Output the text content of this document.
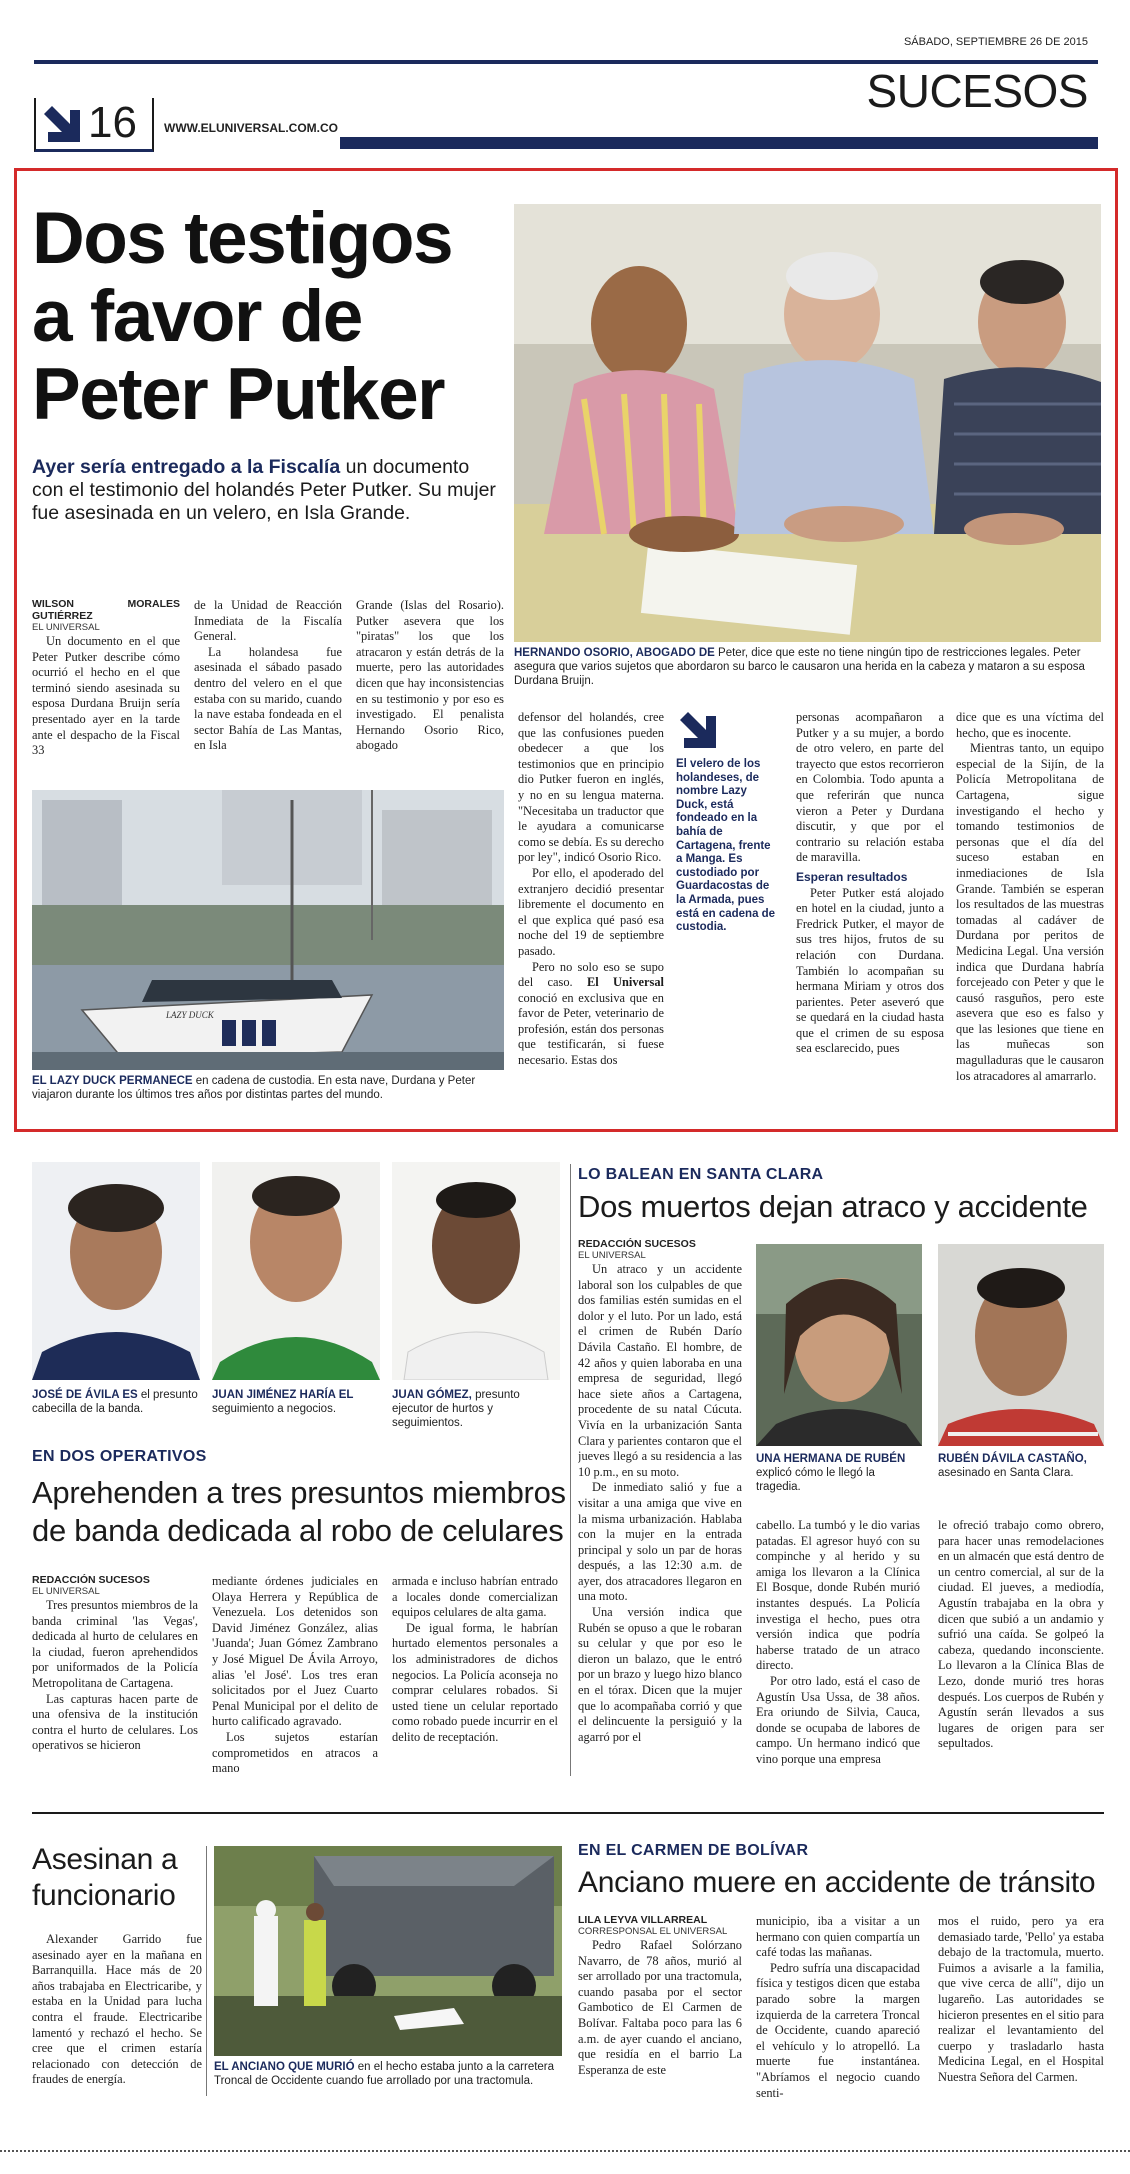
SÁBADO, SEPTIEMBRE 26 DE 2015
SUCESOS
16 WWW.ELUNIVERSAL.COM.CO
Dos testigos a favor de Peter Putker
Ayer sería entregado a la Fiscalía un documento con el testimonio del holandés Peter Putker. Su mujer fue asesinada en un velero, en Isla Grande.
HERNANDO OSORIO, ABOGADO DE Peter, dice que este no tiene ningún tipo de restricciones legales. Peter asegura que varios sujetos que abordaron su barco le causaron una herida en la cabeza y mataron a su esposa Durdana Bruijn.

WILSON MORALES GUTIÉRREZ

EL UNIVERSAL

Un documento en el que Peter Putker describe cómo ocurrió el hecho en el que terminó siendo asesinada su esposa Durdana Bruijn sería presentado ayer en la tarde ante el despacho de la Fiscal 33

de la Unidad de Reacción Inmediata de la Fiscalía General.

La holandesa fue asesinada el sábado pasado dentro del velero en el que estaba con su marido, cuando la nave estaba fondeada en el sector Bahía de Las Mantas, en Isla

Grande (Islas del Rosario). Putker asevera que los "piratas" los que los atracaron y están detrás de la muerte, pero las autoridades dicen que hay inconsistencias en su testimonio y por eso es investigado. El penalista Hernando Osorio Rico, abogado

LAZY DUCK
EL LAZY DUCK PERMANECE en cadena de custodia. En esta nave, Durdana y Peter viajaron durante los últimos tres años por distintas partes del mundo.

defensor del holandés, cree que las confusiones pueden obedecer a que los testimonios que en principio dio Putker fueron en inglés, y no en su lengua materna. "Necesitaba un traductor que le ayudara a comunicarse como se debía. Es su derecho por ley", indicó Osorio Rico.

Por ello, el apoderado del extranjero decidió presentar libremente el documento en el que explica qué pasó esa noche del 19 de septiembre pasado.

Pero no solo eso se supo del caso. El Universal conoció en exclusiva que en favor de Peter, veterinario de profesión, están dos personas que testificarán, si fuese necesario. Estas dos

El velero de los holandeses, de nombre Lazy Duck, está fondeado en la bahía de Cartagena, frente a Manga. Es custodiado por Guardacostas de la Armada, pues está en cadena de custodia.

personas acompañaron a Putker y a su mujer, a bordo de otro velero, en parte del trayecto que estos recorrieron en Colombia. Todo apunta a que referirán que nunca vieron a Peter y Durdana discutir, y que por el contrario su relación estaba de maravilla.

Esperan resultados

Peter Putker está alojado en hotel en la ciudad, junto a Fredrick Putker, el mayor de sus tres hijos, frutos de su relación con Durdana. También lo acompañan su hermana Miriam y otros dos parientes. Peter aseveró que se quedará en la ciudad hasta que el crimen de su esposa sea esclarecido, pues

dice que es una víctima del hecho, que es inocente.

Mientras tanto, un equipo especial de la Sijín, de la Policía Metropolitana de Cartagena, sigue investigando el hecho y tomando testimonios de personas que el día del suceso estaban en inmediaciones de Isla Grande. También se esperan los resultados de las muestras tomadas al cadáver de Durdana por peritos de Medicina Legal. Una versión indica que Durdana habría forcejeado con Peter y que le causó rasguños, pero este asevera que eso es falso y que las lesiones que tiene en las muñecas son magulladuras que le causaron los atracadores al amarrarlo.

JOSÉ DE ÁVILA ES el presunto cabecilla de la banda.
JUAN JIMÉNEZ HARÍA EL seguimiento a negocios.
JUAN GÓMEZ, presunto ejecutor de hurtos y seguimientos.
EN DOS OPERATIVOS
Aprehenden a tres presuntos miembros de banda dedicada al robo de celulares

REDACCIÓN SUCESOS

EL UNIVERSAL

Tres presuntos miembros de la banda criminal 'las Vegas', dedicada al hurto de celulares en la ciudad, fueron aprehendidos por uniformados de la Policía Metropolitana de Cartagena.

Las capturas hacen parte de una ofensiva de la institución contra el hurto de celulares. Los operativos se hicieron

mediante órdenes judiciales en Olaya Herrera y República de Venezuela. Los detenidos son David Jiménez González, alias 'Juanda'; Juan Gómez Zambrano y José Miguel De Ávila Arroyo, alias 'el José'. Los tres eran solicitados por el Juez Cuarto Penal Municipal por el delito de hurto calificado agravado.

Los sujetos estarían comprometidos en atracos a mano

armada e incluso habrían entrado a locales donde comercializan equipos celulares de alta gama.

De igual forma, le habrían hurtado elementos personales a los administradores de dichos negocios. La Policía aconseja no comprar celulares robados. Si usted tiene un celular reportado como robado puede incurrir en el delito de receptación.

LO BALEAN EN SANTA CLARA
Dos muertos dejan atraco y accidente

REDACCIÓN SUCESOS

EL UNIVERSAL

Un atraco y un accidente laboral son los culpables de que dos familias estén sumidas en el dolor y el luto. Por un lado, está el crimen de Rubén Darío Dávila Castaño. El hombre, de 42 años y quien laboraba en una empresa de seguridad, llegó hace siete años a Cartagena, procedente de su natal Cúcuta. Vivía en la urbanización Santa Clara y parientes contaron que el jueves llegó a su residencia a las 10 p.m., en su moto.

De inmediato salió y fue a visitar a una amiga que vive en la misma urbanización. Hablaba con la mujer en la entrada principal y solo un par de horas después, a las 12:30 a.m. de ayer, dos atracadores llegaron en una moto.

Una versión indica que Rubén se opuso a que le robaran su celular y que por eso le dieron un balazo, que le entró por un brazo y luego hizo blanco en el tórax. Dicen que la mujer que lo acompañaba corrió y que el delincuente la persiguió y la agarró por el

UNA HERMANA DE RUBÉN explicó cómo le llegó la tragedia.
RUBÉN DÁVILA CASTAÑO, asesinado en Santa Clara.

cabello. La tumbó y le dio varias patadas. El agresor huyó con su compinche y al herido y su amiga los llevaron a la Clínica El Bosque, donde Rubén murió instantes después. La Policía investiga el hecho, pues otra versión indica que podría haberse tratado de un atraco directo.

Por otro lado, está el caso de Agustín Usa Ussa, de 38 años. Era oriundo de Silvia, Cauca, donde se ocupaba de labores de campo. Un hermano indicó que vino porque una empresa

le ofreció trabajo como obrero, para hacer unas remodelaciones en un almacén que está dentro de un centro comercial, al sur de la ciudad. El jueves, a mediodía, Agustín trabajaba en la obra y dicen que subió a un andamio y sufrió una caída. Se golpeó la cabeza, quedando inconsciente. Lo llevaron a la Clínica Blas de Lezo, donde murió tres horas después. Los cuerpos de Rubén y Agustín serán llevados a sus lugares de origen para ser sepultados.

Asesinan a funcionario

Alexander Garrido fue asesinado ayer en la mañana en Barranquilla. Hace más de 20 años trabajaba en Electricaribe, y estaba en la Unidad para lucha contra el fraude. Electricaribe lamentó y rechazó el hecho. Se cree que el crimen estaría relacionado con detección de fraudes de energía.

EL ANCIANO QUE MURIÓ en el hecho estaba junto a la carretera Troncal de Occidente cuando fue arrollado por una tractomula.
EN EL CARMEN DE BOLÍVAR
Anciano muere en accidente de tránsito

LILA LEYVA VILLARREAL

CORRESPONSAL EL UNIVERSAL

Pedro Rafael Solórzano Navarro, de 78 años, murió al ser arrollado por una tractomula, cuando pasaba por el sector Gambotico de El Carmen de Bolívar. Faltaba poco para las 6 a.m. de ayer cuando el anciano, que residía en el barrio La Esperanza de este

municipio, iba a visitar a un hermano con quien compartía un café todas las mañanas.

Pedro sufría una discapacidad física y testigos dicen que estaba parado sobre la margen izquierda de la carretera Troncal de Occidente, cuando apareció el vehículo y lo atropelló. La muerte fue instantánea. "Abríamos el negocio cuando senti-

mos el ruido, pero ya era demasiado tarde, 'Pello' ya estaba debajo de la tractomula, muerto. Fuimos a avisarle a la familia, que vive cerca de allí", dijo un lugareño. Las autoridades se hicieron presentes en el sitio para realizar el levantamiento del cuerpo y trasladarlo hasta Medicina Legal, en el Hospital Nuestra Señora del Carmen.
